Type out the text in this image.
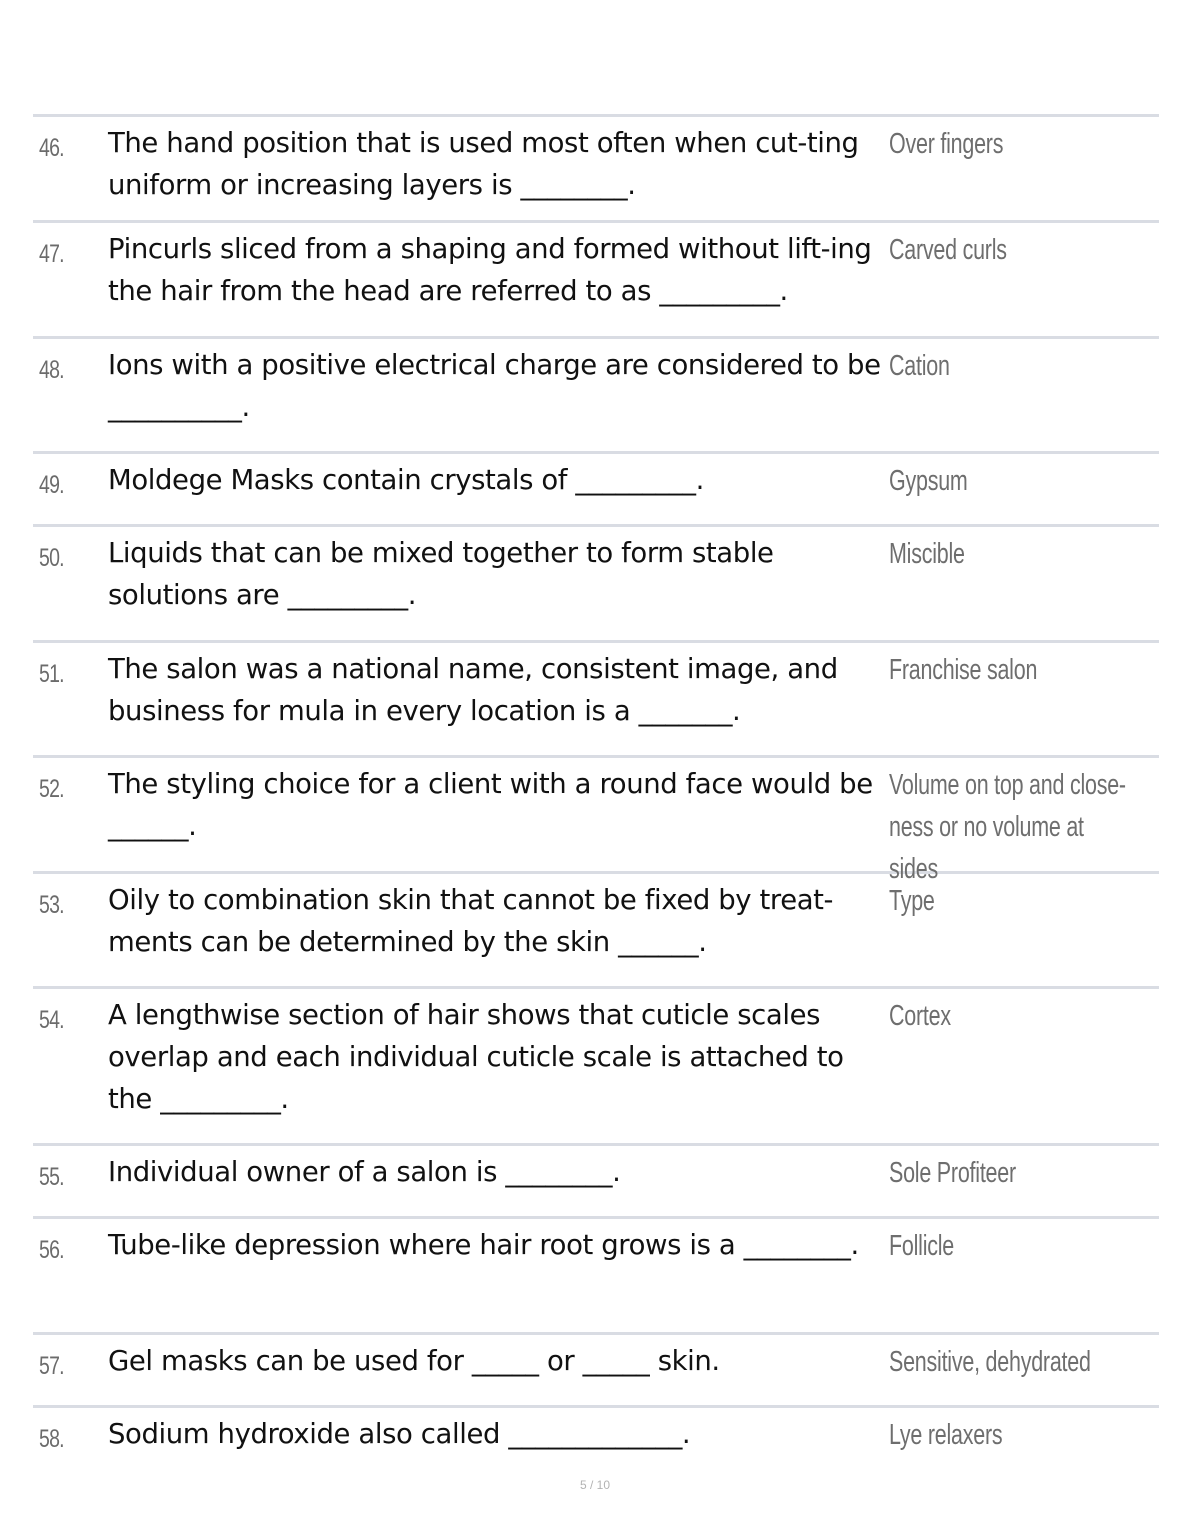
46. The hand position that is used most often when cut-ting uniform or increasing layers is ________.
Over fingers
47. Pincurls sliced from a shaping and formed without lift-ing the hair from the head are referred to as _________.
Carved curls
48. Ions with a positive electrical charge are considered to be __________.
Cation
49. Moldege Masks contain crystals of _________.	Gypsum
50. Liquids that can be mixed together to form stable solutions are _________.
Miscible
51. The salon was a national name, consistent image, and business for mula in every location is a _______.
Franchise salon
52. The styling choice for a client with a round face would be ______.
Volume on top and close-ness or no volume at sides
53. Oily to combination skin that cannot be fixed by treat-ments can be determined by the skin ______.
Type
54. A lengthwise section of hair shows that cuticle scales overlap and each individual cuticle scale is attached to the _________.
Cortex
55. Individual owner of a salon is ________.	Sole Profiteer
56. Tube-like depression where hair root grows is a ________.	Follicle
57. Gel masks can be used for _____ or _____ skin.	Sensitive, dehydrated
58. Sodium hydroxide also called _____________.	Lye relaxers
5 / 10
